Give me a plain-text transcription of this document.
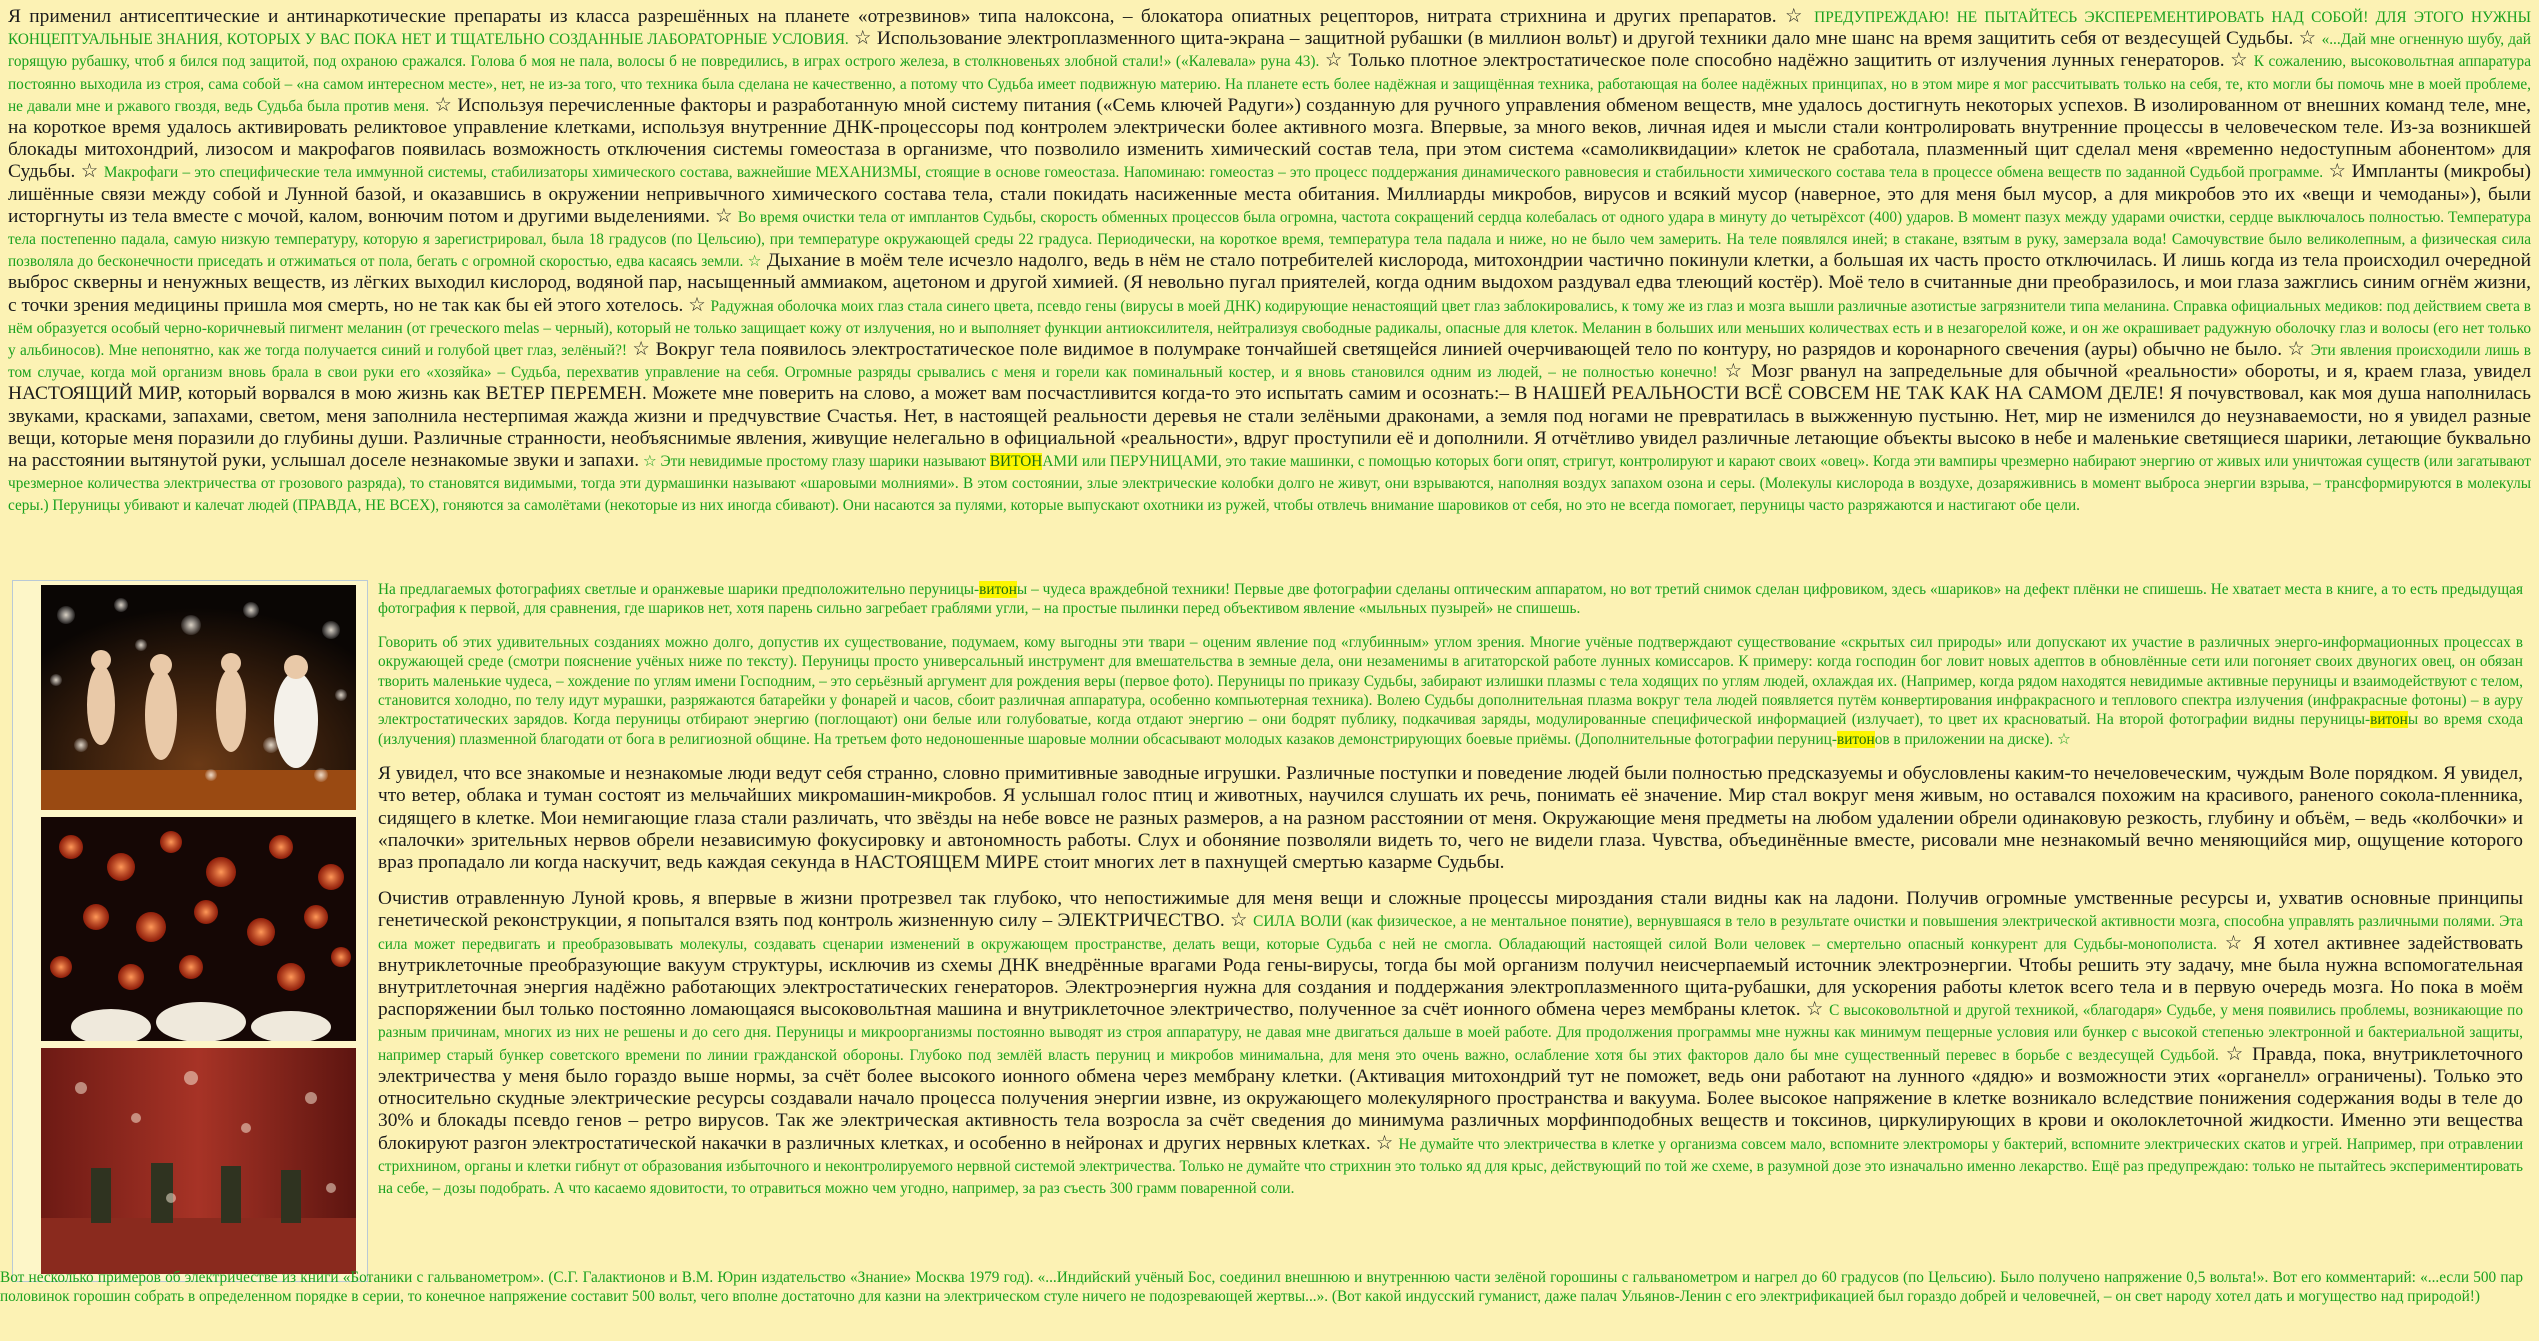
Я применил антисептические и антинаркотические препараты из класса разрешённых на планете «отрезвинов» типа налоксона, – блокатора опиатных рецепторов, нитрата стрихнина и других препаратов. ☆ ПРЕДУПРЕЖДАЮ! НЕ ПЫТАЙТЕСЬ ЭКСПЕРЕМЕНТИРОВАТЬ НАД СОБОЙ! ДЛЯ ЭТОГО НУЖНЫ КОНЦЕПТУАЛЬНЫЕ ЗНАНИЯ, КОТОРЫХ У ВАС ПОКА НЕТ И ТЩАТЕЛЬНО СОЗДАННЫЕ ЛАБОРАТОРНЫЕ УСЛОВИЯ. ☆ Использование электроплазменного щита-экрана – защитной рубашки (в миллион вольт) и другой техники дало мне шанс на время защитить себя от вездесущей Судьбы. ☆ «...Дай мне огненную шубу, дай горящую рубашку, чтоб я бился под защитой, под охраною сражался. Голова б моя не пала, волосы б не повредились, в играх острого железа, в столкновеньях злобной стали!» («Калевала» руна 43). ☆ Только плотное электростатическое поле способно надёжно защитить от излучения лунных генераторов. ☆ К сожалению, высоковольтная аппаратура постоянно выходила из строя, сама собой – «на самом интересном месте», нет, не из-за того, что техника была сделана не качественно, а потому что Судьба имеет подвижную материю. На планете есть более надёжная и защищённая техника, работающая на более надёжных принципах, но в этом мире я мог рассчитывать только на себя, те, кто могли бы помочь мне в моей проблеме, не давали мне и ржавого гвоздя, ведь Судьба была против меня. ☆ Используя перечисленные факторы и разработанную мной систему питания («Семь ключей Радуги») созданную для ручного управления обменом веществ, мне удалось достигнуть некоторых успехов. В изолированном от внешних команд теле, мне, на короткое время удалось активировать реликтовое управление клетками, используя внутренние ДНК-процессоры под контролем электрически более активного мозга. Впервые, за много веков, личная идея и мысли стали контролировать внутренние процессы в человеческом теле. Из-за возникшей блокады митохондрий, лизосом и макрофагов появилась возможность отключения системы гомеостаза в организме, что позволило изменить химический состав тела, при этом система «самоликвидации» клеток не сработала, плазменный щит сделал меня «временно недоступным абонентом» для Судьбы. ☆ Макрофаги – это специфические тела иммунной системы, стабилизаторы химического состава, важнейшие МЕХАНИЗМЫ, стоящие в основе гомеостаза. Напоминаю: гомеостаз – это процесс поддержания динамического равновесия и стабильности химического состава тела в процессе обмена веществ по заданной Судьбой программе. ☆ Импланты (микробы) лишённые связи между собой и Лунной базой, и оказавшись в окружении непривычного химического состава тела, стали покидать насиженные места обитания. Миллиарды микробов, вирусов и всякий мусор (наверное, это для меня был мусор, а для микробов это их «вещи и чемоданы»), были исторгнуты из тела вместе с мочой, калом, вонючим потом и другими выделениями. ☆ Во время очистки тела от имплантов Судьбы, скорость обменных процессов была огромна, частота сокращений сердца колебалась от одного удара в минуту до четырёхсот (400) ударов. В момент пазух между ударами очистки, сердце выключалось полностью. Температура тела постепенно падала, самую низкую температуру, которую я зарегистрировал, была 18 градусов (по Цельсию), при температуре окружающей среды 22 градуса. Периодически, на короткое время, температура тела падала и ниже, но не было чем замерить. На теле появлялся иней; в стакане, взятым в руку, замерзала вода! Самочувствие было великолепным, а физическая сила позволяла до бесконечности приседать и отжиматься от пола, бегать с огромной скоростью, едва касаясь земли. ☆ Дыхание в моём теле исчезло надолго, ведь в нём не стало потребителей кислорода, митохондрии частично покинули клетки, а большая их часть просто отключилась. И лишь когда из тела происходил очередной выброс скверны и ненужных веществ, из лёгких выходил кислород, водяной пар, насыщенный аммиаком, ацетоном и другой химией. (Я невольно пугал приятелей, когда одним выдохом раздувал едва тлеющий костёр). Моё тело в считанные дни преобразилось, и мои глаза зажглись синим огнём жизни, с точки зрения медицины пришла моя смерть, но не так как бы ей этого хотелось. ☆ Радужная оболочка моих глаз стала синего цвета, псевдо гены (вирусы в моей ДНК) кодирующие ненастоящий цвет глаз заблокировались, к тому же из глаз и мозга вышли различные азотистые загрязнители типа меланина. Справка официальных медиков: под действием света в нём образуется особый черно-коричневый пигмент меланин (от греческого melas – черный), который не только защищает кожу от излучения, но и выполняет функции антиоксилителя, нейтрализуя свободные радикалы, опасные для клеток. Меланин в больших или меньших количествах есть и в незагорелой коже, и он же окрашивает радужную оболочку глаз и волосы (его нет только у альбиносов). Мне непонятно, как же тогда получается синий и голубой цвет глаз, зелёный?! ☆ Вокруг тела появилось электростатическое поле видимое в полумраке тончайшей светящейся линией очерчивающей тело по контуру, но разрядов и коронарного свечения (ауры) обычно не было. ☆ Эти явления происходили лишь в том случае, когда мой организм вновь брала в свои руки его «хозяйка» – Судьба, перехватив управление на себя. Огромные разряды срывались с меня и горели как поминальный костер, и я вновь становился одним из людей, – не полностью конечно! ☆ Мозг рванул на запредельные для обычной «реальности» обороты, и я, краем глаза, увидел НАСТОЯЩИЙ МИР, который ворвался в мою жизнь как ВЕТЕР ПЕРЕМЕН. Можете мне поверить на слово, а может вам посчастливится когда-то это испытать самим и осознать:– В НАШЕЙ РЕАЛЬНОСТИ ВСЁ СОВСЕМ НЕ ТАК КАК НА САМОМ ДЕЛЕ! Я почувствовал, как моя душа наполнилась звуками, красками, запахами, светом, меня заполнила нестерпимая жажда жизни и предчувствие Счастья. Нет, в настоящей реальности деревья не стали зелёными драконами, а земля под ногами не превратилась в выжженную пустыню. Нет, мир не изменился до неузнаваемости, но я увидел разные вещи, которые меня поразили до глубины души. Различные странности, необъяснимые явления, живущие нелегально в официальной «реальности», вдруг проступили её и дополнили. Я отчётливо увидел различные летающие объекты высоко в небе и маленькие светящиеся шарики, летающие буквально на расстоянии вытянутой руки, услышал доселе незнакомые звуки и запахи. ☆ Эти невидимые простому глазу шарики называют ВИТОНАМИ или ПЕРУНИЦАМИ, это такие машинки, с помощью которых боги опят, стригут, контролируют и карают своих «овец». Когда эти вампиры чрезмерно набирают энергию от живых или уничтожая существ (или загатывают чрезмерное количества электричества от грозового разряда), то становятся видимыми, тогда эти дурмашинки называют «шаровыми молниями». В этом состоянии, злые электрические колобки долго не живут, они взрываются, наполняя воздух запахом озона и серы. (Молекулы кислорода в воздухе, дозаряживнись в момент выброса энергии взрыва, – трансформируются в молекулы серы.) Перуницы убивают и калечат людей (ПРАВДА, НЕ ВСЕХ), гоняются за самолётами (некоторые из них иногда сбивают). Они насаются за пулями, которые выпускают охотники из ружей, чтобы отвлечь внимание шаровиков от себя, но это не всегда помогает, перуницы часто разряжаются и настигают обе цели.

На предлагаемых фотографиях светлые и оранжевые шарики предположительно перуницы-витоны – чудеса враждебной техники! Первые две фотографии сделаны оптическим аппаратом, но вот третий снимок сделан цифровиком, здесь «шариков» на дефект плёнки не спишешь. Не хватает места в книге, а то есть предыдущая фотография к первой, для сравнения, где шариков нет, хотя парень сильно загребает граблями угли, – на простые пылинки перед объективом явление «мыльных пузырей» не спишешь.

Говорить об этих удивительных созданиях можно долго, допустив их существование, подумаем, кому выгодны эти твари – оценим явление под «глубинным» углом зрения. Многие учёные подтверждают существование «скрытых сил природы» или допускают их участие в различных энерго-информационных процессах в окружающей среде (смотри пояснение учёных ниже по тексту). Перуницы просто универсальный инструмент для вмешательства в земные дела, они незаменимы в агитаторской работе лунных комиссаров. К примеру: когда господин бог ловит новых адептов в обновлённые сети или погоняет своих двуногих овец, он обязан творить маленькие чудеса, – хождение по углям имени Господним, – это серьёзный аргумент для рождения веры (первое фото). Перуницы по приказу Судьбы, забирают излишки плазмы с тела ходящих по углям людей, охлаждая их. (Например, когда рядом находятся невидимые активные перуницы и взаимодействуют с телом, становится холодно, по телу идут мурашки, разряжаются батарейки у фонарей и часов, сбоит различная аппаратура, особенно компьютерная техника). Волею Судьбы дополнительная плазма вокруг тела людей появляется путём конвертирования инфракрасного и теплового спектра излучения (инфракрасные фотоны) – в ауру электростатических зарядов. Когда перуницы отбирают энергию (поглощают) они белые или голубоватые, когда отдают энергию – они бодрят публику, подкачивая заряды, модулированные специфической информацией (излучает), то цвет их красноватый. На второй фотографии видны перуницы-витоны во время схода (излучения) плазменной благодати от бога в религиозной общине. На третьем фото недоношенные шаровые молнии обсасывают молодых казаков демонстрирующих боевые приёмы. (Дополнительные фотографии перуниц-витонов в приложении на диске). ☆

Я увидел, что все знакомые и незнакомые люди ведут себя странно, словно примитивные заводные игрушки. Различные поступки и поведение людей были полностью предсказуемы и обусловлены каким-то нечеловеческим, чуждым Воле порядком. Я увидел, что ветер, облака и туман состоят из мельчайших микромашин-микробов. Я услышал голос птиц и животных, научился слушать их речь, понимать её значение. Мир стал вокруг меня живым, но оставался похожим на красивого, раненого сокола-пленника, сидящего в клетке. Мои немигающие глаза стали различать, что звёзды на небе вовсе не разных размеров, а на разном расстоянии от меня. Окружающие меня предметы на любом удалении обрели одинаковую резкость, глубину и объём, – ведь «колбочки» и «палочки» зрительных нервов обрели независимую фокусировку и автономность работы. Слух и обоняние позволяли видеть то, чего не видели глаза. Чувства, объединённые вместе, рисовали мне незнакомый вечно меняющийся мир, ощущение которого враз пропадало ли когда наскучит, ведь каждая секунда в НАСТОЯЩЕМ МИРЕ стоит многих лет в пахнущей смертью казарме Судьбы.

Очистив отравленную Луной кровь, я впервые в жизни протрезвел так глубоко, что непостижимые для меня вещи и сложные процессы мироздания стали видны как на ладони. Получив огромные умственные ресурсы и, ухватив основные принципы генетической реконструкции, я попытался взять под контроль жизненную силу – ЭЛЕКТРИЧЕСТВО. ☆ СИЛА ВОЛИ (как физическое, а не ментальное понятие), вернувшаяся в тело в результате очистки и повышения электрической активности мозга, способна управлять различными полями. Эта сила может передвигать и преобразовывать молекулы, создавать сценарии изменений в окружающем пространстве, делать вещи, которые Судьба с ней не смогла. Обладающий настоящей силой Воли человек – смертельно опасный конкурент для Судьбы-монополиста. ☆ Я хотел активнее задействовать внутриклеточные преобразующие вакуум структуры, исключив из схемы ДНК внедрённые врагами Рода гены-вирусы, тогда бы мой организм получил неисчерпаемый источник электроэнергии. Чтобы решить эту задачу, мне была нужна вспомогательная внутритлеточная энергия надёжно работающих электростатических генераторов. Электроэнергия нужна для создания и поддержания электроплазменного щита-рубашки, для ускорения работы клеток всего тела и в первую очередь мозга. Но пока в моём распоряжении был только постоянно ломающаяся высоковольтная машина и внутриклеточное электричество, полученное за счёт ионного обмена через мембраны клеток. ☆ С высоковольтной и другой техникой, «благодаря» Судьбе, у меня появились проблемы, возникающие по разным причинам, многих из них не решены и до сего дня. Перуницы и микроорганизмы постоянно выводят из строя аппаратуру, не давая мне двигаться дальше в моей работе. Для продолжения программы мне нужны как минимум пещерные условия или бункер с высокой степенью электронной и бактериальной защиты, например старый бункер советского времени по линии гражданской обороны. Глубоко под землёй власть перуниц и микробов минимальна, для меня это очень важно, ослабление хотя бы этих факторов дало бы мне существенный перевес в борьбе с вездесущей Судьбой. ☆ Правда, пока, внутриклеточного электричества у меня было гораздо выше нормы, за счёт более высокого ионного обмена через мембрану клетки. (Активация митохондрий тут не поможет, ведь они работают на лунного «дядю» и возможности этих «органелл» ограничены). Только это относительно скудные электрические ресурсы создавали начало процесса получения энергии извне, из окружающего молекулярного пространства и вакуума. Более высокое напряжение в клетке возникало вследствие понижения содержания воды в теле до 30% и блокады псевдо генов – ретро вирусов. Так же электрическая активность тела возросла за счёт сведения до минимума различных морфинподобных веществ и токсинов, циркулирующих в крови и околоклеточной жидкости. Именно эти вещества блокируют разгон электростатической накачки в различных клетках, и особенно в нейронах и других нервных клетках. ☆ Не думайте что электричества в клетке у организма совсем мало, вспомните электроморы у бактерий, вспомните электрических скатов и угрей. Например, при отравлении стрихнином, органы и клетки гибнут от образования избыточного и неконтролируемого нервной системой электричества. Только не думайте что стрихнин это только яд для крыс, действующий по той же схеме, в разумной дозе это изначально именно лекарство. Ещё раз предупреждаю: только не пытайтесь экспериментировать на себе, – дозы подобрать. А что касаемо ядовитости, то отравиться можно чем угодно, например, за раз съесть 300 грамм поваренной соли.

Вот несколько примеров об электричестве из книги «Ботаники с гальванометром». (С.Г. Галактионов и В.М. Юрин издательство «Знание» Москва 1979 год). «...Индийский учёный Бос, соединил внешнюю и внутреннюю части зелёной горошины с гальванометром и нагрел до 60 градусов (по Цельсию). Было получено напряжение 0,5 вольта!». Вот его комментарий: «...если 500 пар половинок горошин собрать в определенном порядке в серии, то конечное напряжение составит 500 вольт, чего вполне достаточно для казни на электрическом стуле ничего не подозревающей жертвы...». (Вот какой индусский гуманист, даже палач Ульянов-Ленин с его электрификацией был гораздо добрей и человечней, – он свет народу хотел дать и могущество над природой!)
